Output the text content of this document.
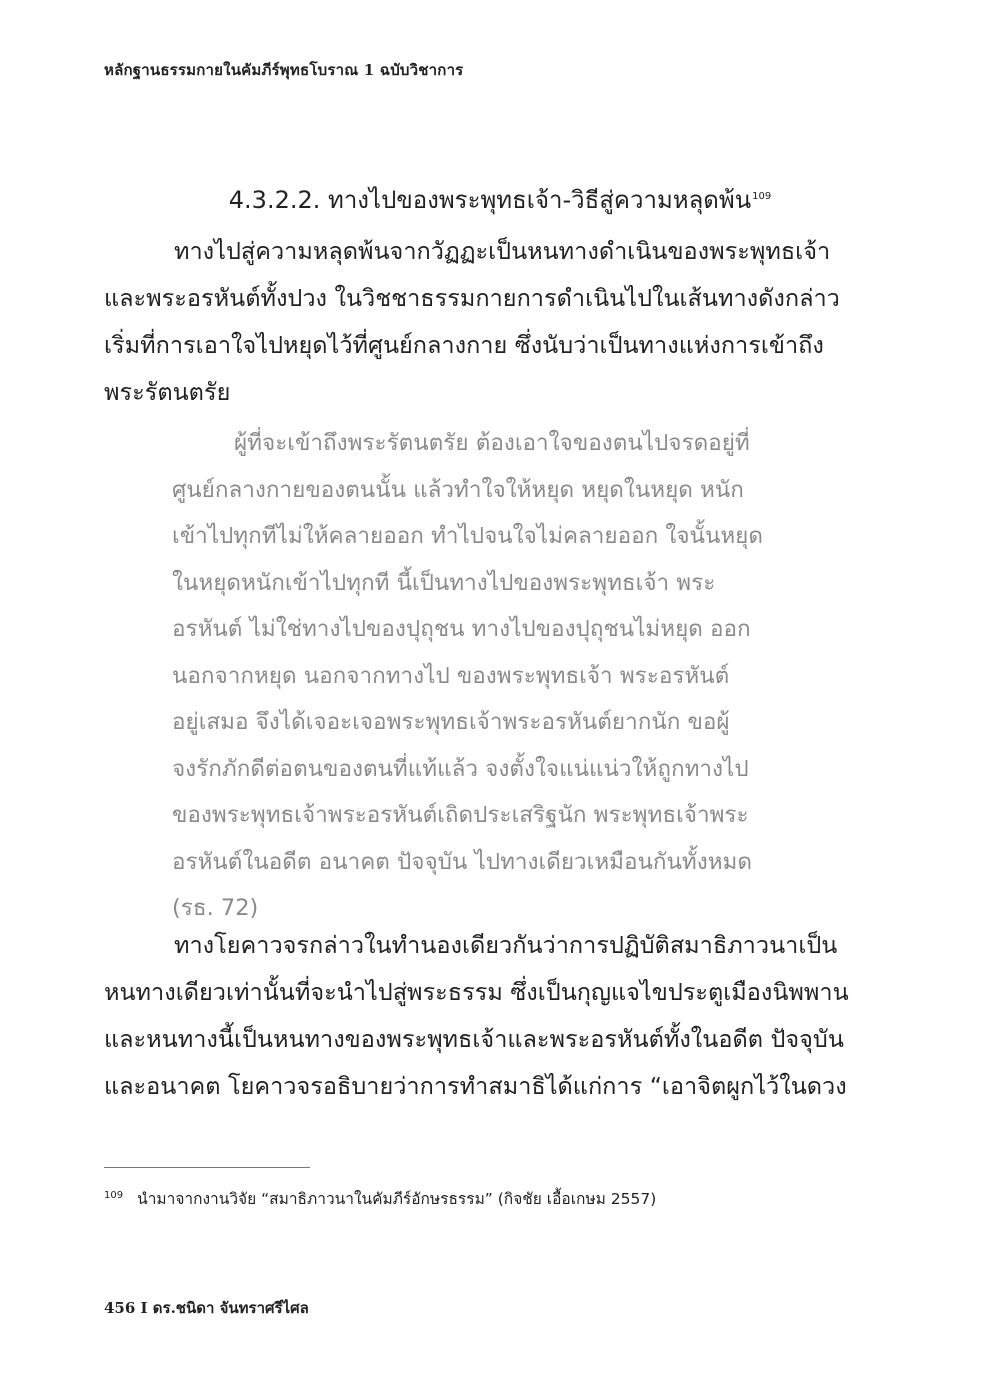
หลักฐานธรรมกายในคัมภีร์พุทธโบราณ 1 ฉบับวิชาการ
4.3.2.2. ทางไปของพระพุทธเจ้า-วิธีสู่ความหลุดพ้น$^{109}$
ทางไปสู่ความหลุดพ้นจากวัฏฏะเป็นหนทางดำเนินของพระพุทธเจ้า
และพระอรหันต์ทั้งปวง ในวิชชาธรรมกายการดำเนินไปในเส้นทางดังกล่าว
เริ่มที่การเอาใจไปหยุดไว้ที่ศูนย์กลางกาย ซึ่งนับว่าเป็นทางแห่งการเข้าถึง
พระรัตนตรัย
ผู้ที่จะเข้าถึงพระรัตนตรัย ต้องเอาใจของตนไปจรดอยู่ที่
ศูนย์กลางกายของตนนั้น แล้วทำใจให้หยุด หยุดในหยุด หนัก
เข้าไปทุกทีไม่ให้คลายออก ทำไปจนใจไม่คลายออก ใจนั้นหยุด
ในหยุดหนักเข้าไปทุกที นี้เป็นทางไปของพระพุทธเจ้า พระ
อรหันต์ ไม่ใช่ทางไปของปุถุชน ทางไปของปุถุชนไม่หยุด ออก
นอกจากหยุด นอกจากทางไป ของพระพุทธเจ้า พระอรหันต์
อยู่เสมอ จึงได้เจอะเจอพระพุทธเจ้าพระอรหันต์ยากนัก ขอผู้
จงรักภักดีต่อตนของตนที่แท้แล้ว จงตั้งใจแน่แน่วให้ถูกทางไป
ของพระพุทธเจ้าพระอรหันต์เถิดประเสริฐนัก พระพุทธเจ้าพระ
อรหันต์ในอดีต อนาคต ปัจจุบัน ไปทางเดียวเหมือนกันทั้งหมด
(รธ. 72)
ทางโยคาวจรกล่าวในทำนองเดียวกันว่าการปฏิบัติสมาธิภาวนาเป็น
หนทางเดียวเท่านั้นที่จะนำไปสู่พระธรรม ซึ่งเป็นกุญแจไขประตูเมืองนิพพาน
และหนทางนี้เป็นหนทางของพระพุทธเจ้าและพระอรหันต์ทั้งในอดีต ปัจจุบัน
และอนาคต โยคาวจรอธิบายว่าการทำสมาธิได้แก่การ “เอาจิตผูกไว้ในดวง
$^{109}$ นำมาจากงานวิจัย “สมาธิภาวนาในคัมภีร์อักษรธรรม” (กิจชัย เอื้อเกษม 2557)
456 I ดร.ชนิดา จันทราศรีไศล
